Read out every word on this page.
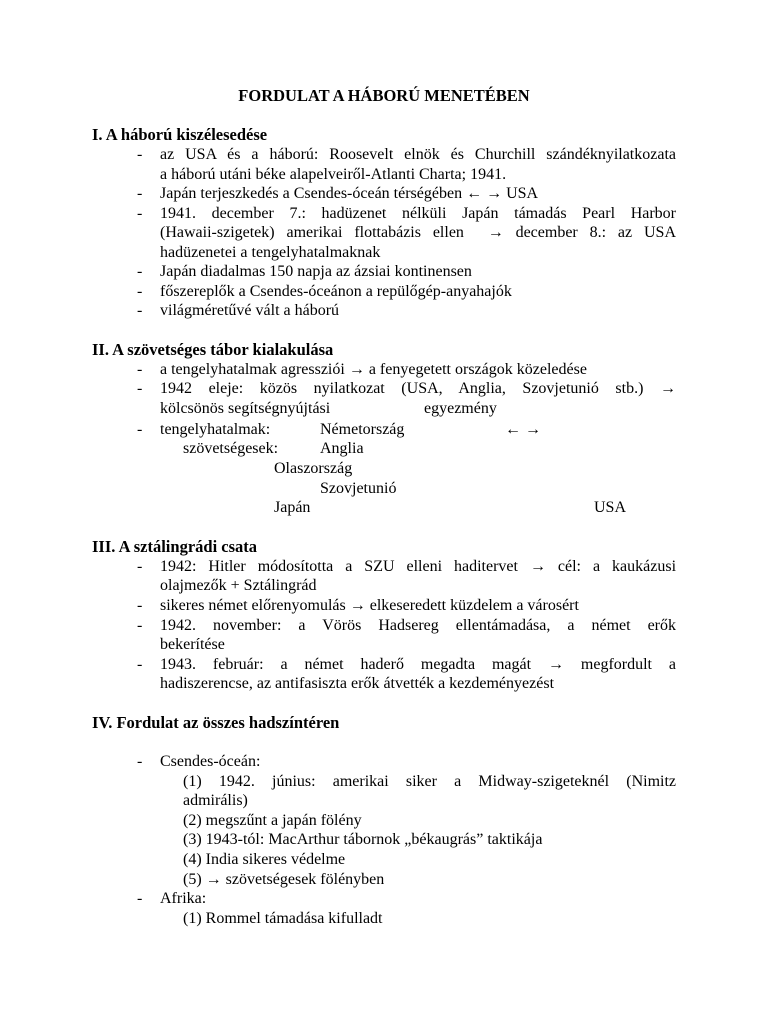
FORDULAT A HÁBORÚ MENETÉBEN
I. A háború kiszélesedése
- az USA és a háború: Roosevelt elnök és Churchill szándéknyilatkozata
a háború utáni béke alapelveiről-Atlanti Charta; 1941.
- Japán terjeszkedés a Csendes-óceán térségében ← → USA
- 1941. december 7.: hadüzenet nélküli Japán támadás Pearl Harbor
(Hawaii-szigetek) amerikai flottabázis ellen → december 8.: az USA
hadüzenetei a tengelyhatalmaknak
- Japán diadalmas 150 napja az ázsiai kontinensen
- főszereplők a Csendes-óceánon a repülőgép-anyahajók
- világméretűvé vált a háború
II. A szövetséges tábor kialakulása
- a tengelyhatalmak agressziói → a fenyegetett országok közeledése
- 1942 eleje: közös nyilatkozat (USA, Anglia, Szovjetunió stb.) →
kölcsönös segítségnyújtási	egyezmény
- tengelyhatalmak:	Németország	← →
szövetségesek:	Anglia
Olaszország
Szovjetunió
Japán	USA
III. A sztálingrádi csata
- 1942: Hitler módosította a SZU elleni haditervet → cél: a kaukázusi
olajmezők + Sztálingrád
- sikeres német előrenyomulás → elkeseredett küzdelem a városért
- 1942. november: a Vörös Hadsereg ellentámadása, a német erők
bekerítése
- 1943. február: a német haderő megadta magát → megfordult a
hadiszerencse, az antifasiszta erők átvették a kezdeményezést
IV. Fordulat az összes hadszíntéren
- Csendes-óceán:
(1) 1942. június: amerikai siker a Midway-szigeteknél (Nimitz
admirális)
(2) megszűnt a japán fölény
(3) 1943-tól: MacArthur tábornok „békaugrás” taktikája
(4) India sikeres védelme
(5) → szövetségesek fölényben
- Afrika:
(1) Rommel támadása kifulladt
